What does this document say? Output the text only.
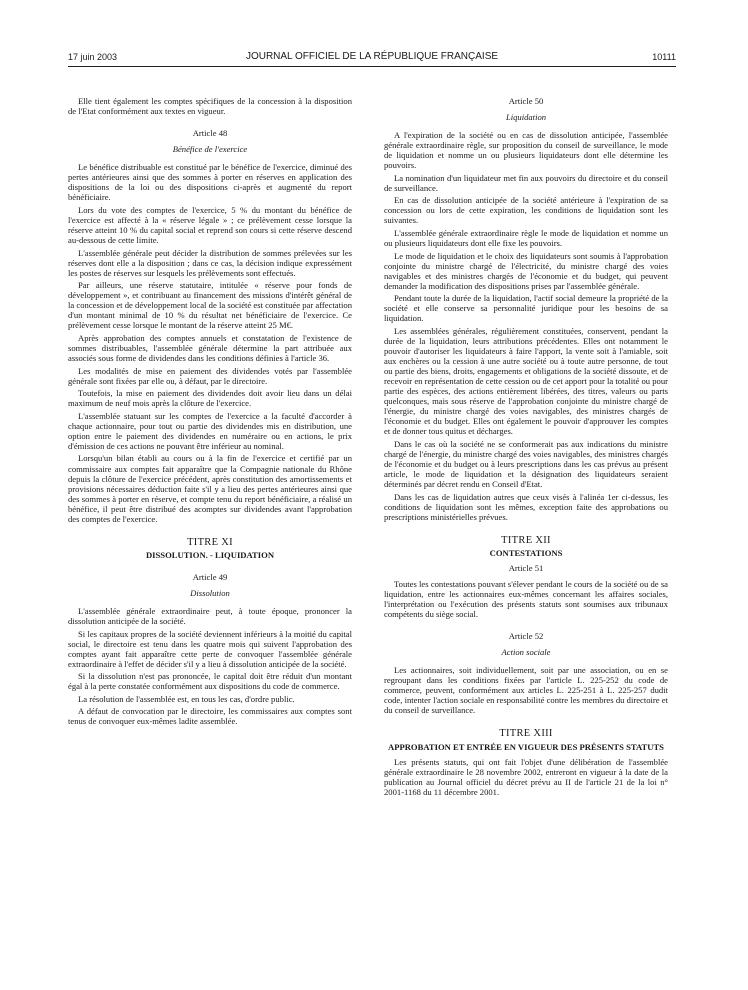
17 juin 2003	JOURNAL OFFICIEL DE LA RÉPUBLIQUE FRANÇAISE	10111

Elle tient également les comptes spécifiques de la concession à la disposition de l'Etat conformément aux textes en vigueur.

Article 48
Bénéfice de l'exercice

Le bénéfice distribuable est constitué par le bénéfice de l'exercice, diminué des pertes antérieures ainsi que des sommes à porter en réserves en application des dispositions de la loi ou des dispositions ci-après et augmenté du report bénéficiaire.

Lors du vote des comptes de l'exercice, 5 % du montant du bénéfice de l'exercice est affecté à la « réserve légale » ; ce prélèvement cesse lorsque la réserve atteint 10 % du capital social et reprend son cours si cette réserve descend au-dessous de cette limite.

L'assemblée générale peut décider la distribution de sommes prélevées sur les réserves dont elle a la disposition ; dans ce cas, la décision indique expressément les postes de réserves sur lesquels les prélèvements sont effectués.

Par ailleurs, une réserve statutaire, intitulée « réserve pour fonds de développement », et contribuant au financement des missions d'intérêt général de la concession et de développement local de la société est constituée par affectation d'un montant minimal de 10 % du résultat net bénéficiaire de l'exercice. Ce prélèvement cesse lorsque le montant de la réserve atteint 25 M€.

Après approbation des comptes annuels et constatation de l'existence de sommes distribuables, l'assemblée générale détermine la part attribuée aux associés sous forme de dividendes dans les conditions définies à l'article 36.

Les modalités de mise en paiement des dividendes votés par l'assemblée générale sont fixées par elle ou, à défaut, par le directoire.

Toutefois, la mise en paiement des dividendes doit avoir lieu dans un délai maximum de neuf mois après la clôture de l'exercice.

L'assemblée statuant sur les comptes de l'exercice a la faculté d'accorder à chaque actionnaire, pour tout ou partie des dividendes mis en distribution, une option entre le paiement des dividendes en numéraire ou en actions, le prix d'émission de ces actions ne pouvant être inférieur au nominal.

Lorsqu'un bilan établi au cours ou à la fin de l'exercice et certifié par un commissaire aux comptes fait apparaître que la Compagnie nationale du Rhône depuis la clôture de l'exercice précédent, après constitution des amortissements et provisions nécessaires déduction faite s'il y a lieu des pertes antérieures ainsi que des sommes à porter en réserve, et compte tenu du report bénéficiaire, a réalisé un bénéfice, il peut être distribué des acomptes sur dividendes avant l'approbation des comptes de l'exercice.

TITRE XI
DISSOLUTION. - LIQUIDATION
Article 49
Dissolution

L'assemblée générale extraordinaire peut, à toute époque, prononcer la dissolution anticipée de la société.

Si les capitaux propres de la société deviennent inférieurs à la moitié du capital social, le directoire est tenu dans les quatre mois qui suivent l'approbation des comptes ayant fait apparaître cette perte de convoquer l'assemblée générale extraordinaire à l'effet de décider s'il y a lieu à dissolution anticipée de la société.

Si la dissolution n'est pas prononcée, le capital doit être réduit d'un montant égal à la perte constatée conformément aux dispositions du code de commerce.

La résolution de l'assemblée est, en tous les cas, d'ordre public.

A défaut de convocation par le directoire, les commissaires aux comptes sont tenus de convoquer eux-mêmes ladite assemblée.

Article 50
Liquidation

A l'expiration de la société ou en cas de dissolution anticipée, l'assemblée générale extraordinaire règle, sur proposition du conseil de surveillance, le mode de liquidation et nomme un ou plusieurs liquidateurs dont elle détermine les pouvoirs.

La nomination d'un liquidateur met fin aux pouvoirs du directoire et du conseil de surveillance.

En cas de dissolution anticipée de la société antérieure à l'expiration de sa concession ou lors de cette expiration, les conditions de liquidation sont les suivantes.

L'assemblée générale extraordinaire règle le mode de liquidation et nomme un ou plusieurs liquidateurs dont elle fixe les pouvoirs.

Le mode de liquidation et le choix des liquidateurs sont soumis à l'approbation conjointe du ministre chargé de l'électricité, du ministre chargé des voies navigables et des ministres chargés de l'économie et du budget, qui peuvent demander la modification des dispositions prises par l'assemblée générale.

Pendant toute la durée de la liquidation, l'actif social demeure la propriété de la société et elle conserve sa personnalité juridique pour les besoins de sa liquidation.

Les assemblées générales, régulièrement constituées, conservent, pendant la durée de la liquidation, leurs attributions précédentes. Elles ont notamment le pouvoir d'autoriser les liquidateurs à faire l'apport, la vente soit à l'amiable, soit aux enchères ou la cession à une autre société ou à toute autre personne, de tout ou partie des biens, droits, engagements et obligations de la société dissoute, et de recevoir en représentation de cette cession ou de cet apport pour la totalité ou pour partie des espèces, des actions entièrement libérées, des titres, valeurs ou parts quelconques, mais sous réserve de l'approbation conjointe du ministre chargé de l'énergie, du ministre chargé des voies navigables, des ministres chargés de l'économie et du budget. Elles ont également le pouvoir d'approuver les comptes et de donner tous quitus et décharges.

Dans le cas où la société ne se conformerait pas aux indications du ministre chargé de l'énergie, du ministre chargé des voies navigables, des ministres chargés de l'économie et du budget ou à leurs prescriptions dans les cas prévus au présent article, le mode de liquidation et la désignation des liquidateurs seraient déterminés par décret rendu en Conseil d'Etat.

Dans les cas de liquidation autres que ceux visés à l'alinéa 1er ci-dessus, les conditions de liquidation sont les mêmes, exception faite des approbations ou prescriptions ministérielles prévues.

TITRE XII
CONTESTATIONS
Article 51

Toutes les contestations pouvant s'élever pendant le cours de la société ou de sa liquidation, entre les actionnaires eux-mêmes concernant les affaires sociales, l'interprétation ou l'exécution des présents statuts sont soumises aux tribunaux compétents du siège social.

Article 52
Action sociale

Les actionnaires, soit individuellement, soit par une association, ou en se regroupant dans les conditions fixées par l'article L. 225-252 du code de commerce, peuvent, conformément aux articles L. 225-251 à L. 225-257 dudit code, intenter l'action sociale en responsabilité contre les membres du directoire et du conseil de surveillance.

TITRE XIII
APPROBATION ET ENTRÉE EN VIGUEUR DES PRÉSENTS STATUTS

Les présents statuts, qui ont fait l'objet d'une délibération de l'assemblée générale extraordinaire le 28 novembre 2002, entreront en vigueur à la date de la publication au Journal officiel du décret prévu au II de l'article 21 de la loi n° 2001-1168 du 11 décembre 2001.
